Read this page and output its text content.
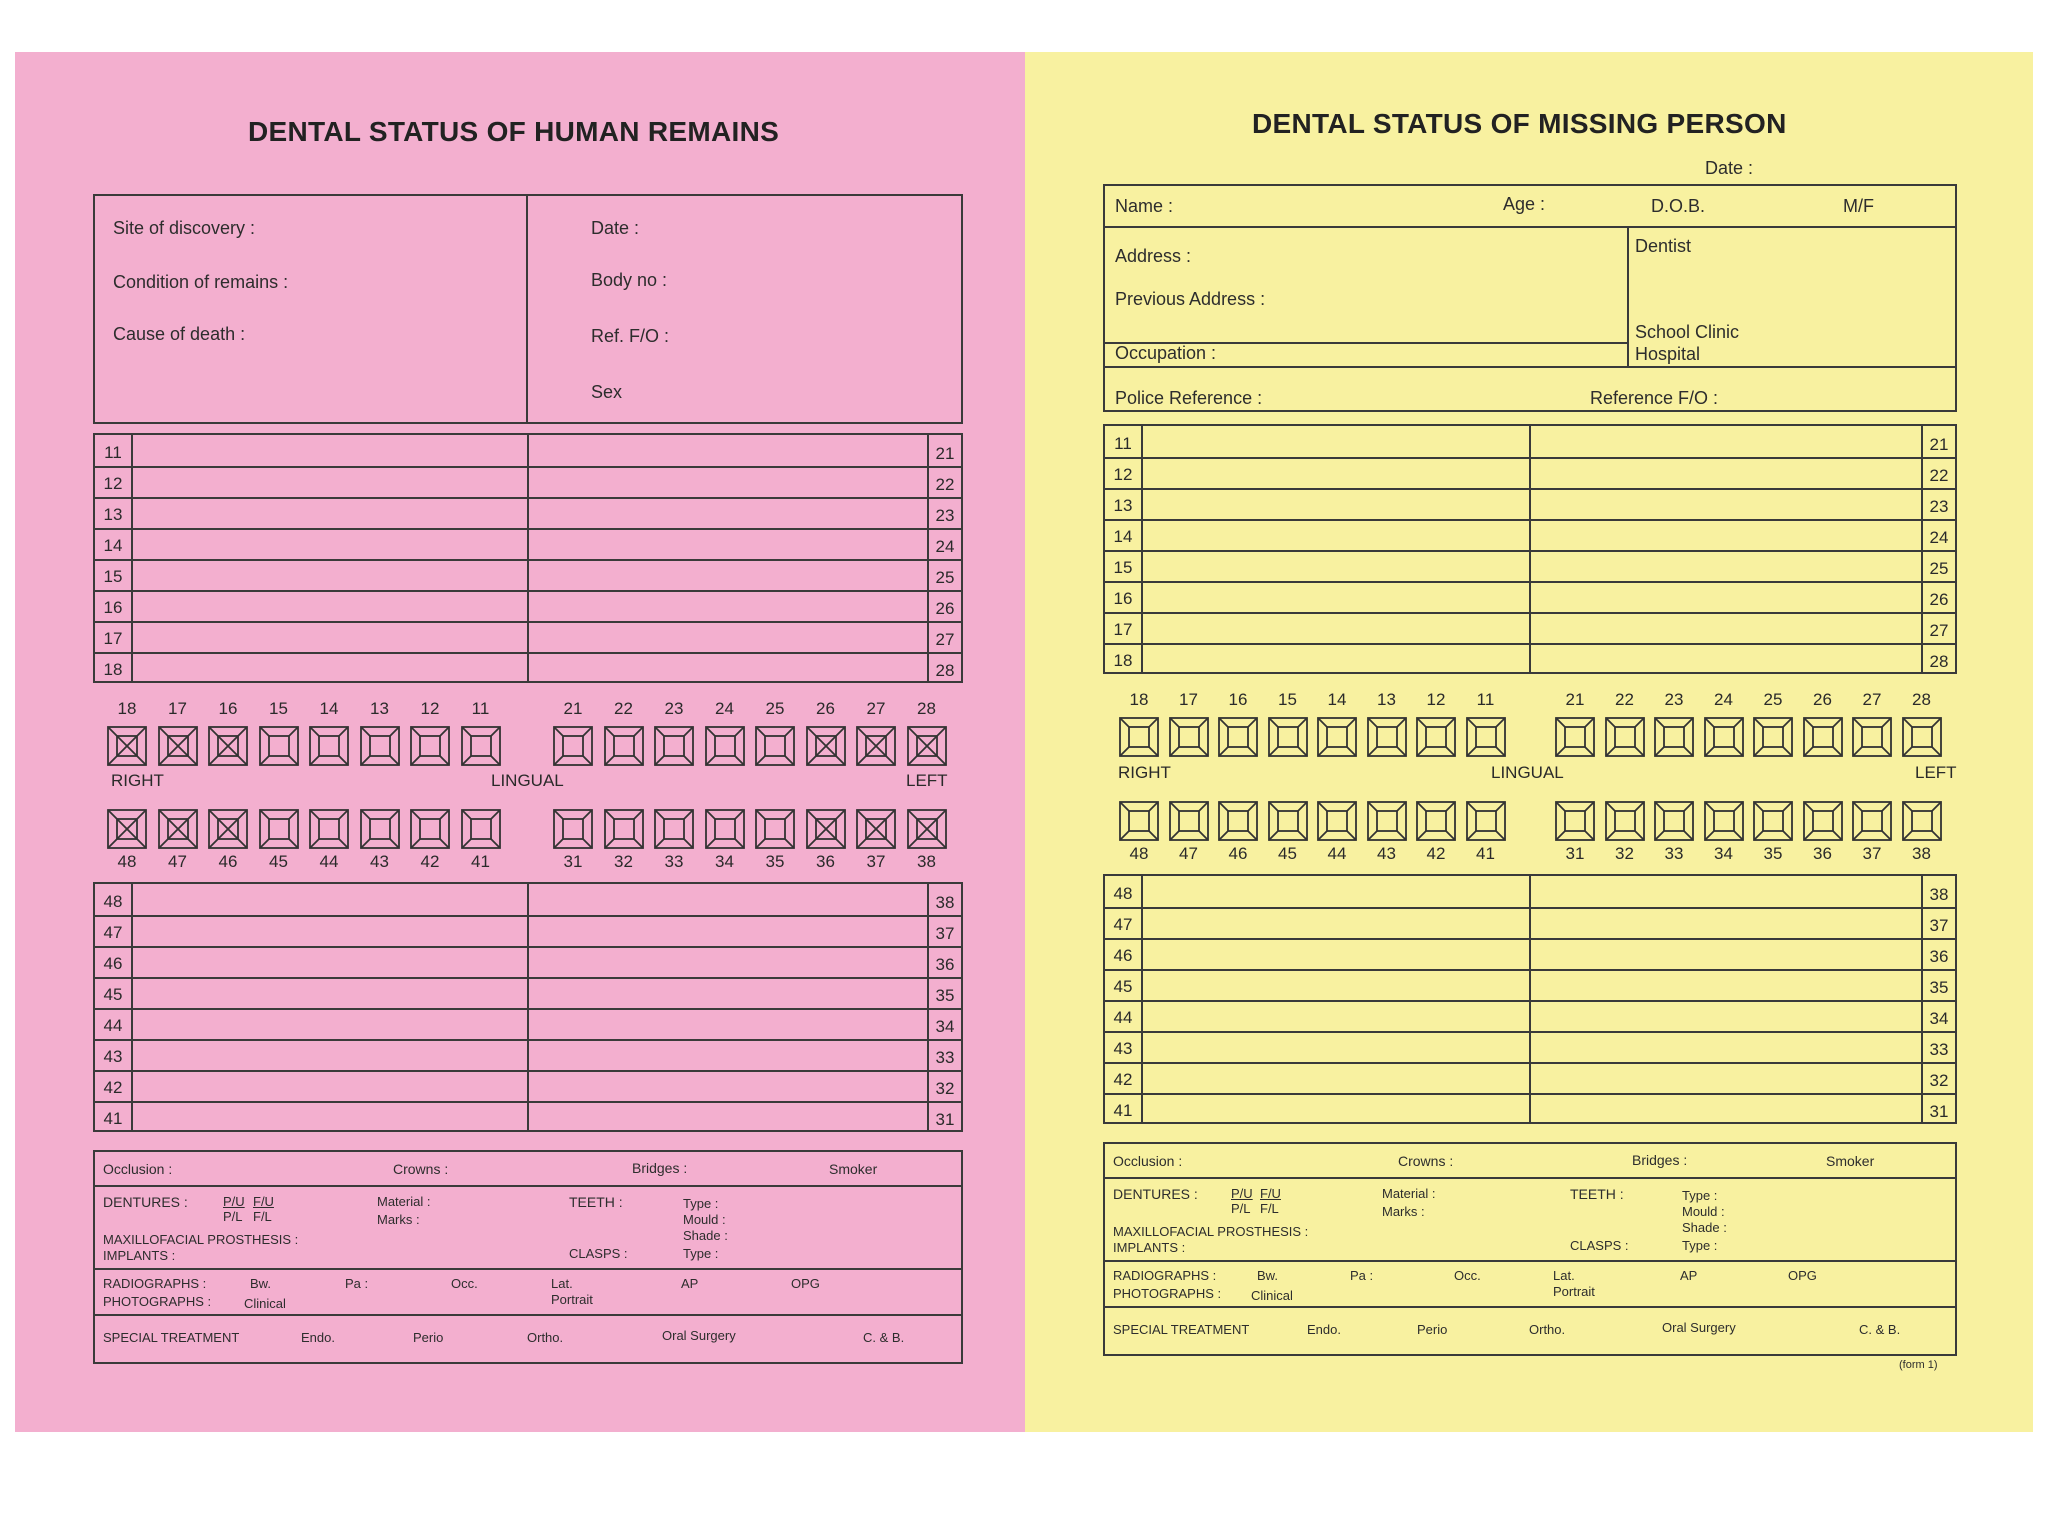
DENTAL STATUS OF HUMAN REMAINS
Site of discovery :
Condition of remains :
Cause of death :
Date :
Body no :
Ref. F/O :
Sex
11	21
12	22
13	23
14	24
15	25
16	26
17	27
18	28
48	38
47	37
46	36
45	35
44	34
43	33
42	32
41	31
18	21
17	22
16	23
15	24
14	25
13	26
12	27
11	28
48	31
47	32
46	33
45	34
44	35
43	36
42	37
41	38
RIGHT	LINGUAL	LEFT
Occlusion :	Crowns :	Bridges :	Smoker
DENTURES :	P/U F/U
P/L F/L
Material :
Marks :
TEETH :	Type :
Mould :
Shade :
Type :
MAXILLOFACIAL PROSTHESIS :
IMPLANTS :	CLASPS :
RADIOGRAPHS :
PHOTOGRAPHS :
Bw.
Clinical
Pa :	Occ.	Lat.
Portrait
AP	OPG
SPECIAL TREATMENT	Endo.	Perio	Ortho.	Oral Surgery	C. & B.
DENTAL STATUS OF MISSING PERSON
Date :
Name :	Age :	D.O.B.	M/F
Address :
Previous Address :
Occupation :
Dentist
School Clinic
Hospital
Police Reference :	Reference F/O :
11	21
12	22
13	23
14	24
15	25
16	26
17	27
18	28
48	38
47	37
46	36
45	35
44	34
43	33
42	32
41	31
18	21
17	22
16	23
15	24
14	25
13	26
12	27
11	28
48	31
47	32
46	33
45	34
44	35
43	36
42	37
41	38
RIGHT	LINGUAL	LEFT
Occlusion :	Crowns :	Bridges :	Smoker
DENTURES :	P/U F/U
P/L F/L
Material :
Marks :
TEETH :	Type :
Mould :
Shade :
Type :
MAXILLOFACIAL PROSTHESIS :
IMPLANTS :	CLASPS :
RADIOGRAPHS :
PHOTOGRAPHS :
Bw.
Clinical
Pa :	Occ.	Lat.
Portrait
AP	OPG
SPECIAL TREATMENT	Endo.	Perio	Ortho.	Oral Surgery	C. & B.
(form 1)
